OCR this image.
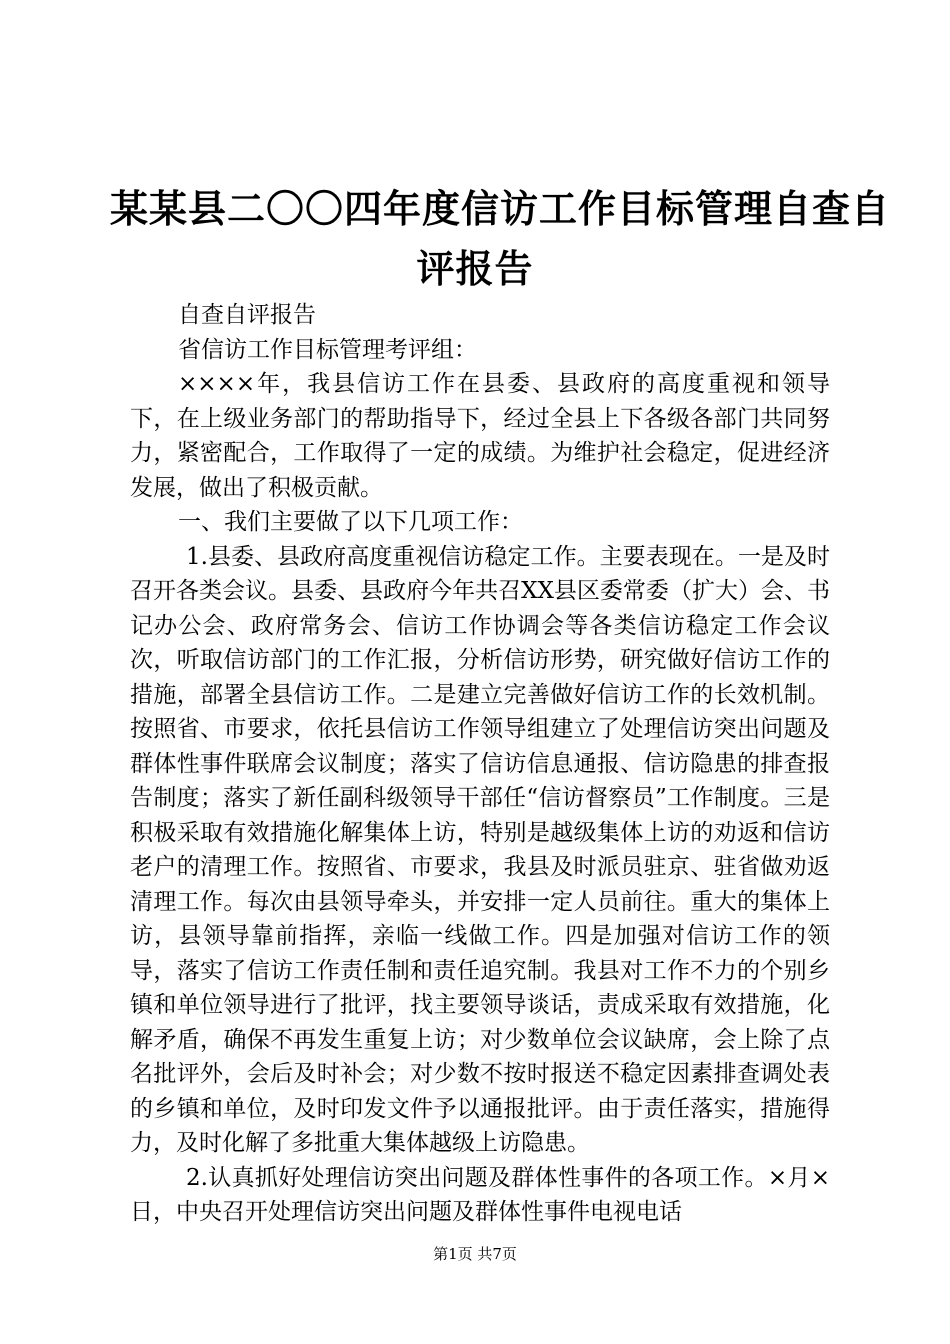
某某县二〇〇四年度信访工作目标管理自查自
评报告

自查自评报告

省信访工作目标管理考评组：

××××年，我县信访工作在县委、县政府的高度重视和领导下，在上级业务部门的帮助指导下，经过全县上下各级各部门共同努力，紧密配合，工作取得了一定的成绩。为维护社会稳定，促进经济发展，做出了积极贡献。

一、我们主要做了以下几项工作：

1.县委、县政府高度重视信访稳定工作。主要表现在。一是及时召开各类会议。县委、县政府今年共召XX县区委常委（扩大）会、书记办公会、政府常务会、信访工作协调会等各类信访稳定工作会议次，听取信访部门的工作汇报，分析信访形势，研究做好信访工作的措施，部署全县信访工作。二是建立完善做好信访工作的长效机制。按照省、市要求，依托县信访工作领导组建立了处理信访突出问题及群体性事件联席会议制度；落实了信访信息通报、信访隐患的排查报告制度；落实了新任副科级领导干部任“信访督察员”工作制度。三是积极采取有效措施化解集体上访，特别是越级集体上访的劝返和信访老户的清理工作。按照省、市要求，我县及时派员驻京、驻省做劝返清理工作。每次由县领导牵头，并安排一定人员前往。重大的集体上访，县领导靠前指挥，亲临一线做工作。四是加强对信访工作的领导，落实了信访工作责任制和责任追究制。我县对工作不力的个别乡镇和单位领导进行了批评，找主要领导谈话，责成采取有效措施，化解矛盾，确保不再发生重复上访；对少数单位会议缺席，会上除了点名批评外，会后及时补会；对少数不按时报送不稳定因素排查调处表的乡镇和单位，及时印发文件予以通报批评。由于责任落实，措施得力，及时化解了多批重大集体越级上访隐患。

2.认真抓好处理信访突出问题及群体性事件的各项工作。×月×日，中央召开处理信访突出问题及群体性事件电视电话

第1页 共7页
